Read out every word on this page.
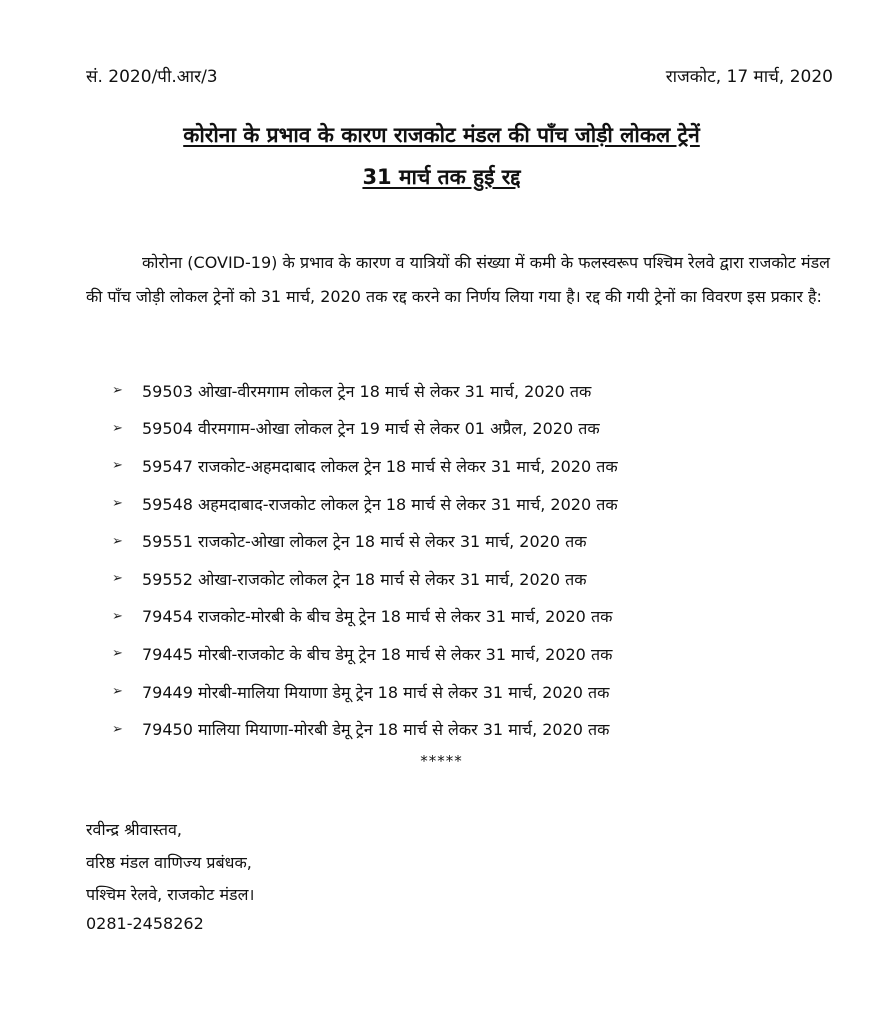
सं. 2020/पी.आर/3	राजकोट, 17 मार्च, 2020
कोरोना के प्रभाव के कारण राजकोट मंडल की पाँच जोड़ी लोकल ट्रेनें
31 मार्च तक हुई रद्द
कोरोना (COVID-19) के प्रभाव के कारण व यात्रियों की संख्या में कमी के फलस्वरूप पश्चिम रेलवे द्वारा राजकोट मंडल की पाँच जोड़ी लोकल ट्रेनों को 31 मार्च, 2020 तक रद्द करने का निर्णय लिया गया है। रद्द की गयी ट्रेनों का विवरण इस प्रकार है:
➢	59503 ओखा-वीरमगाम लोकल ट्रेन 18 मार्च से लेकर 31 मार्च, 2020 तक
➢	59504 वीरमगाम-ओखा लोकल ट्रेन 19 मार्च से लेकर 01 अप्रैल, 2020 तक
➢	59547 राजकोट-अहमदाबाद लोकल ट्रेन 18 मार्च से लेकर 31 मार्च, 2020 तक
➢	59548 अहमदाबाद-राजकोट लोकल ट्रेन 18 मार्च से लेकर 31 मार्च, 2020 तक
➢	59551 राजकोट-ओखा लोकल ट्रेन 18 मार्च से लेकर 31 मार्च, 2020 तक
➢	59552 ओखा-राजकोट लोकल ट्रेन 18 मार्च से लेकर 31 मार्च, 2020 तक
➢	79454 राजकोट-मोरबी के बीच डेमू ट्रेन 18 मार्च से लेकर 31 मार्च, 2020 तक
➢	79445 मोरबी-राजकोट के बीच डेमू ट्रेन 18 मार्च से लेकर 31 मार्च, 2020 तक
➢	79449 मोरबी-मालिया मियाणा डेमू ट्रेन 18 मार्च से लेकर 31 मार्च, 2020 तक
➢	79450 मालिया मियाणा-मोरबी डेमू ट्रेन 18 मार्च से लेकर 31 मार्च, 2020 तक
*****
रवीन्द्र श्रीवास्तव,
वरिष्ठ मंडल वाणिज्य प्रबंधक,
पश्चिम रेलवे, राजकोट मंडल।
0281-2458262
